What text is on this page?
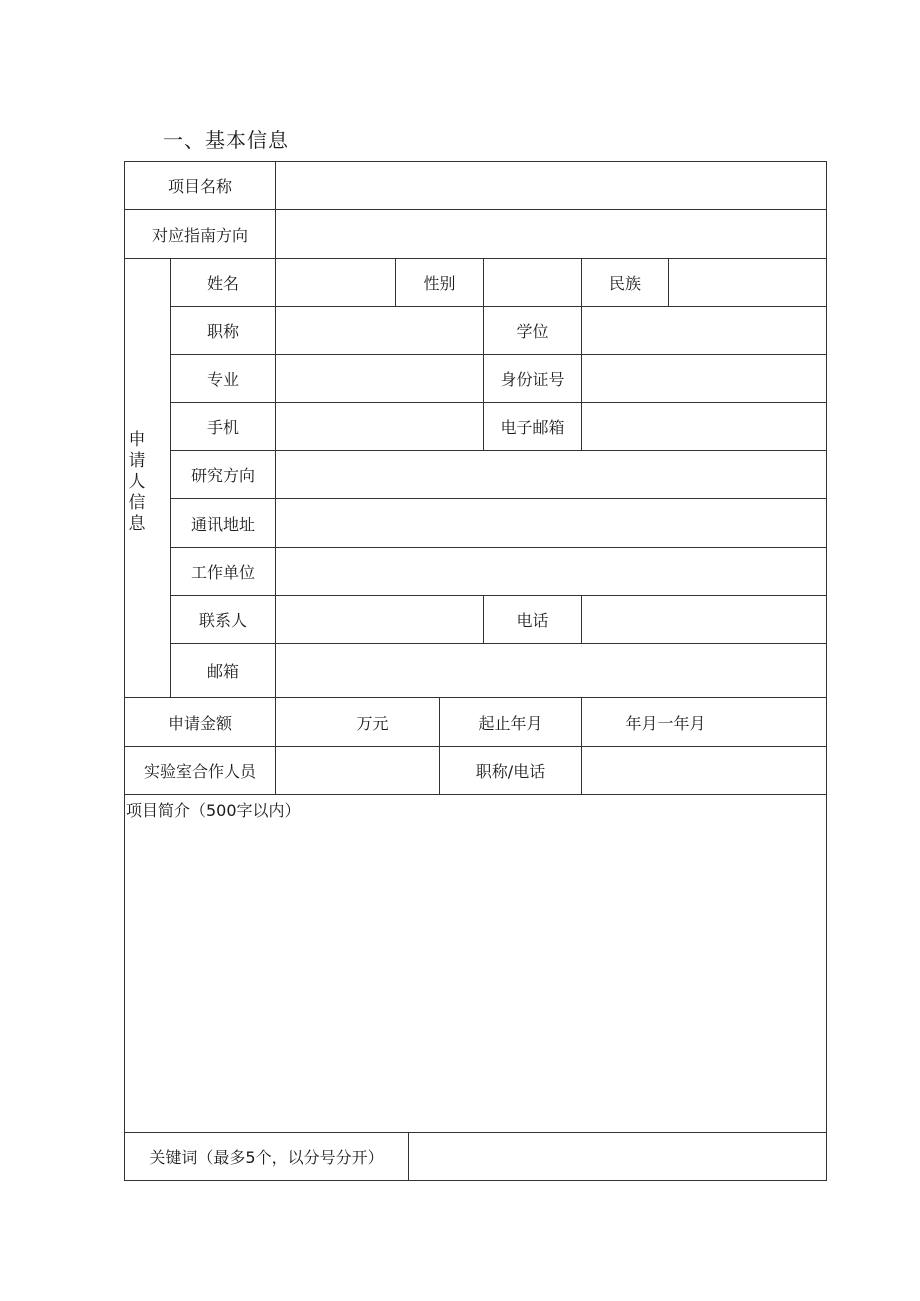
一、基本信息
项目名称
对应指南方向
申请人信息
姓名	性别	民族
职称	学位
专业	身份证号
手机	电子邮箱
研究方向
通讯地址
工作单位
联系人	电话
邮箱
申请金额	万元	起止年月	年月一年月
实验室合作人员	职称/电话
项目简介（500字以内）
关键词（最多5个，以分号分开）
